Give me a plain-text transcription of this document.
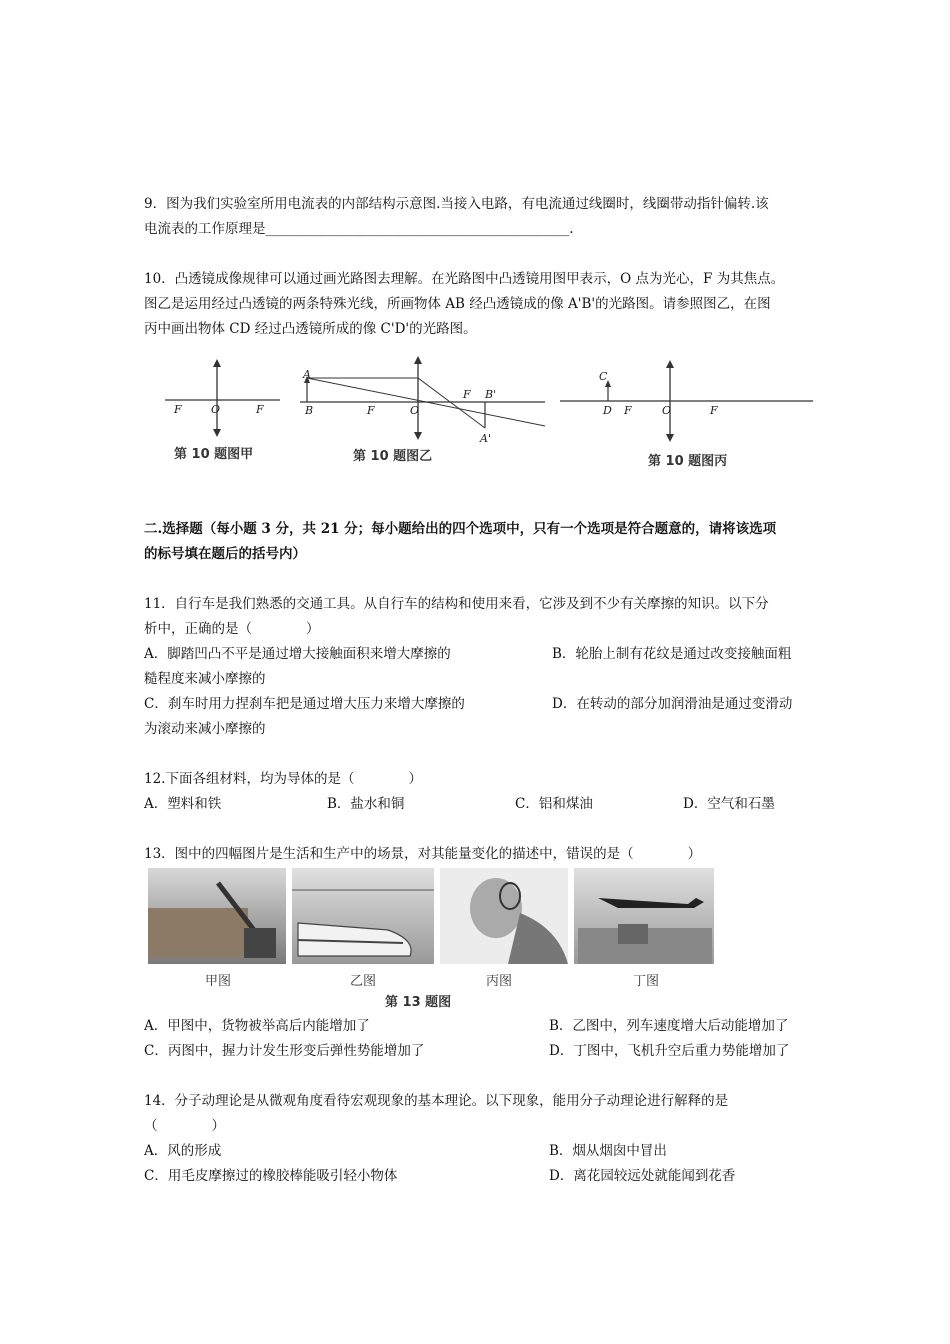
9．图为我们实验室所用电流表的内部结构示意图.当接入电路，有电流通过线圈时，线圈带动指针偏转.该
电流表的工作原理是_____________________________________________.
10．凸透镜成像规律可以通过画光路图去理解。在光路图中凸透镜用图甲表示，O 点为光心，F 为其焦点。
图乙是运用经过凸透镜的两条特殊光线，所画物体 AB 经凸透镜成的像 A'B'的光路图。请参照图乙，在图
丙中画出物体 CD 经过凸透镜所成的像 C'D'的光路图。
F	O	F
第 10 题图甲
A
B	F	O
F B'
A'
第 10 题图乙
C
D F	O	F
第 10 题图丙
二.选择题（每小题 3 分，共 21 分；每小题给出的四个选项中，只有一个选项是符合题意的，请将该选项
的标号填在题后的括号内）
11．自行车是我们熟悉的交通工具。从自行车的结构和使用来看，它涉及到不少有关摩擦的知识。以下分
析中，正确的是（　　　　）
A．脚踏凹凸不平是通过增大接触面积来增大摩擦的	B．轮胎上制有花纹是通过改变接触面粗
糙程度来减小摩擦的
C．刹车时用力捏刹车把是通过增大压力来增大摩擦的	D．在转动的部分加润滑油是通过变滑动
为滚动来减小摩擦的
12.下面各组材料，均为导体的是（　　　　）
A．塑料和铁	B．盐水和铜	C．铝和煤油	D．空气和石墨
13．图中的四幅图片是生活和生产中的场景，对其能量变化的描述中，错误的是（　　　　）
甲图	乙图	丙图	丁图
第 13 题图
A．甲图中，货物被举高后内能增加了	B．乙图中，列车速度增大后动能增加了
C．丙图中，握力计发生形变后弹性势能增加了	D．丁图中，飞机升空后重力势能增加了
14．分子动理论是从微观角度看待宏观现象的基本理论。以下现象，能用分子动理论进行解释的是
（　　　　）
A．风的形成	B．烟从烟囱中冒出
C．用毛皮摩擦过的橡胶棒能吸引轻小物体	D．离花园较远处就能闻到花香
